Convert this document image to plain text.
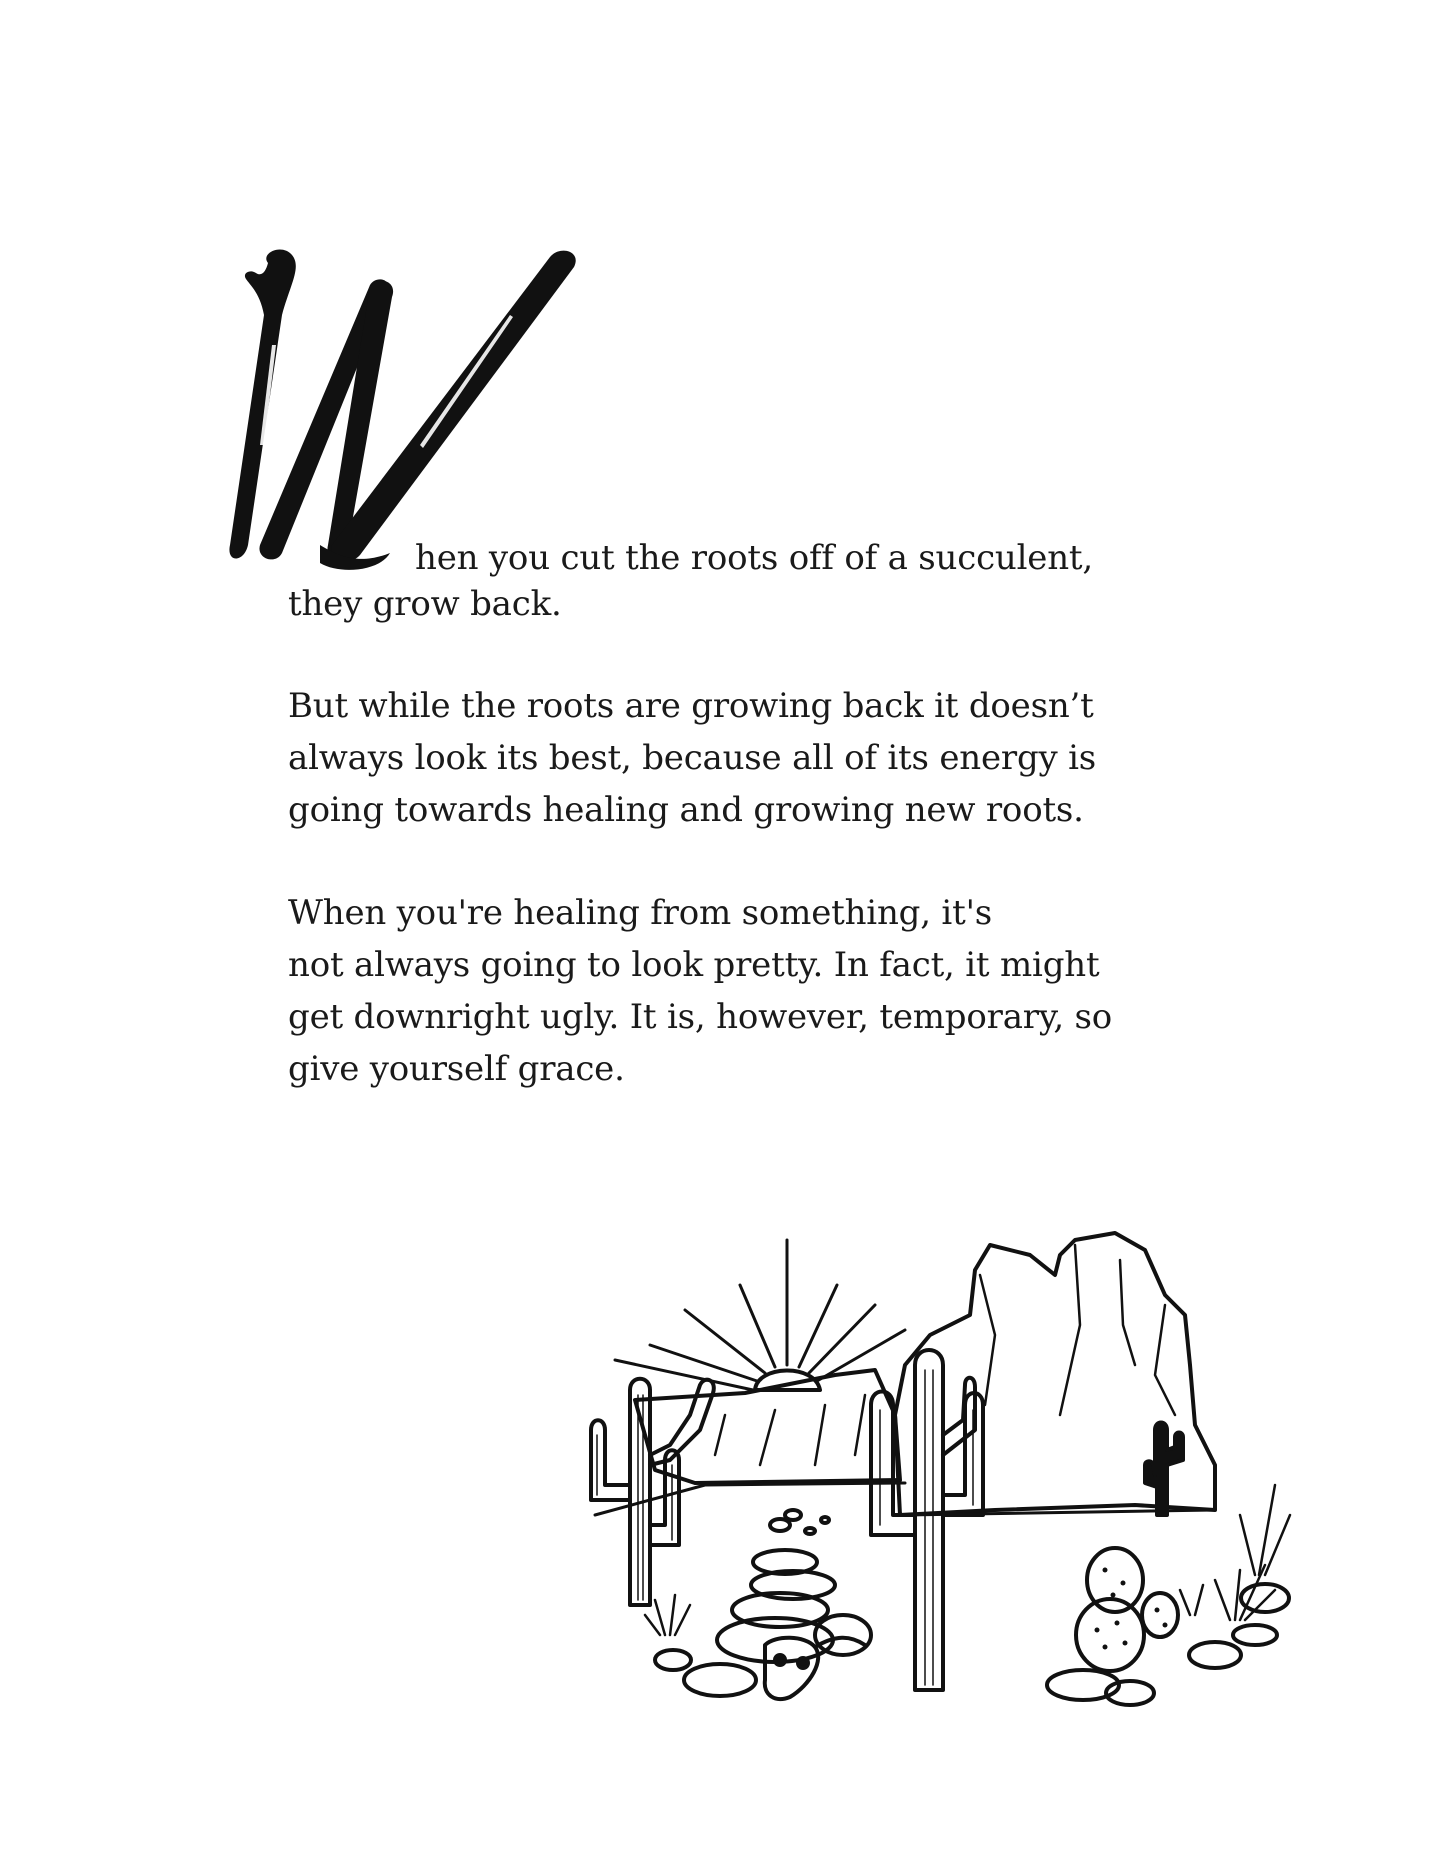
hen you cut the roots off of a succulent,
they grow back.
But while the roots are growing back it doesn’t
always look its best, because all of its energy is
going towards healing and growing new roots.
When you're healing from something, it's
not always going to look pretty. In fact, it might
get downright ugly. It is, however, temporary, so
give yourself grace.
